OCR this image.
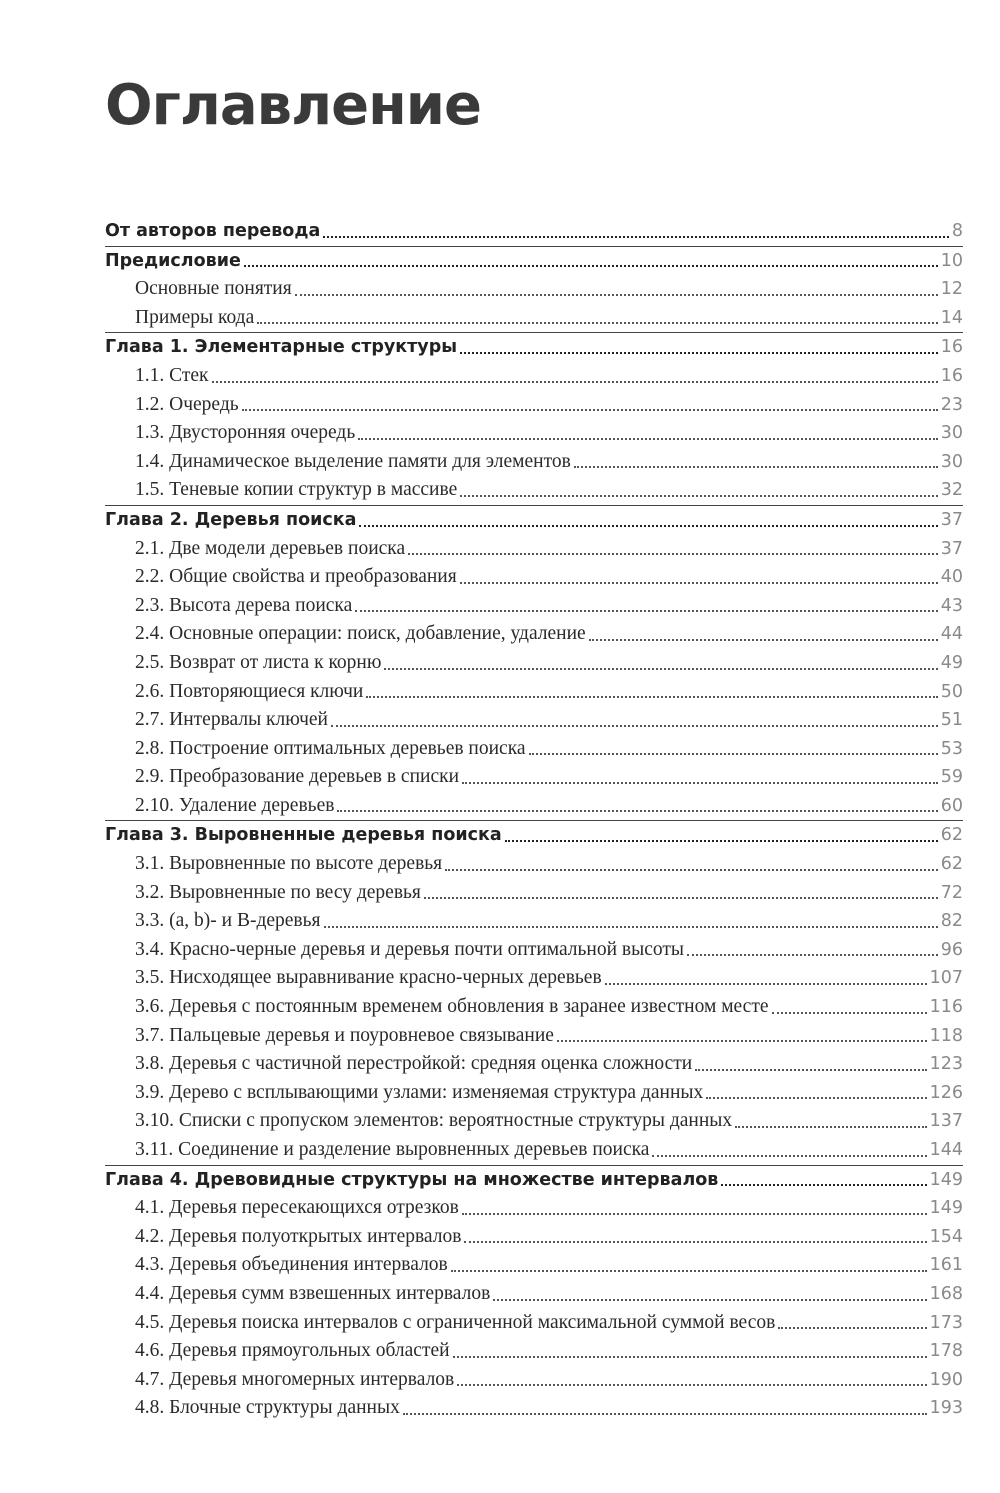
Оглавление
От авторов перевода	8
Предисловие	10
Основные понятия	12
Примеры кода	14
Глава 1. Элементарные структуры	16
1.1. Стек	16
1.2. Очередь	23
1.3. Двусторонняя очередь	30
1.4. Динамическое выделение памяти для элементов	30
1.5. Теневые копии структур в массиве	32
Глава 2. Деревья поиска	37
2.1. Две модели деревьев поиска	37
2.2. Общие свойства и преобразования	40
2.3. Высота дерева поиска	43
2.4. Основные операции: поиск, добавление, удаление	44
2.5. Возврат от листа к корню	49
2.6. Повторяющиеся ключи	50
2.7. Интервалы ключей	51
2.8. Построение оптимальных деревьев поиска	53
2.9. Преобразование деревьев в списки	59
2.10. Удаление деревьев	60
Глава 3. Выровненные деревья поиска	62
3.1. Выровненные по высоте деревья	62
3.2. Выровненные по весу деревья	72
3.3. (a, b)- и B-деревья	82
3.4. Красно-черные деревья и деревья почти оптимальной высоты	96
3.5. Нисходящее выравнивание красно-черных деревьев	107
3.6. Деревья с постоянным временем обновления в заранее известном месте	116
3.7. Пальцевые деревья и поуровневое связывание	118
3.8. Деревья с частичной перестройкой: средняя оценка сложности	123
3.9. Дерево с всплывающими узлами: изменяемая структура данных	126
3.10. Списки с пропуском элементов: вероятностные структуры данных	137
3.11. Соединение и разделение выровненных деревьев поиска	144
Глава 4. Древовидные структуры на множестве интервалов	149
4.1. Деревья пересекающихся отрезков	149
4.2. Деревья полуоткрытых интервалов	154
4.3. Деревья объединения интервалов	161
4.4. Деревья сумм взвешенных интервалов	168
4.5. Деревья поиска интервалов с ограниченной максимальной суммой весов	173
4.6. Деревья прямоугольных областей	178
4.7. Деревья многомерных интервалов	190
4.8. Блочные структуры данных	193
